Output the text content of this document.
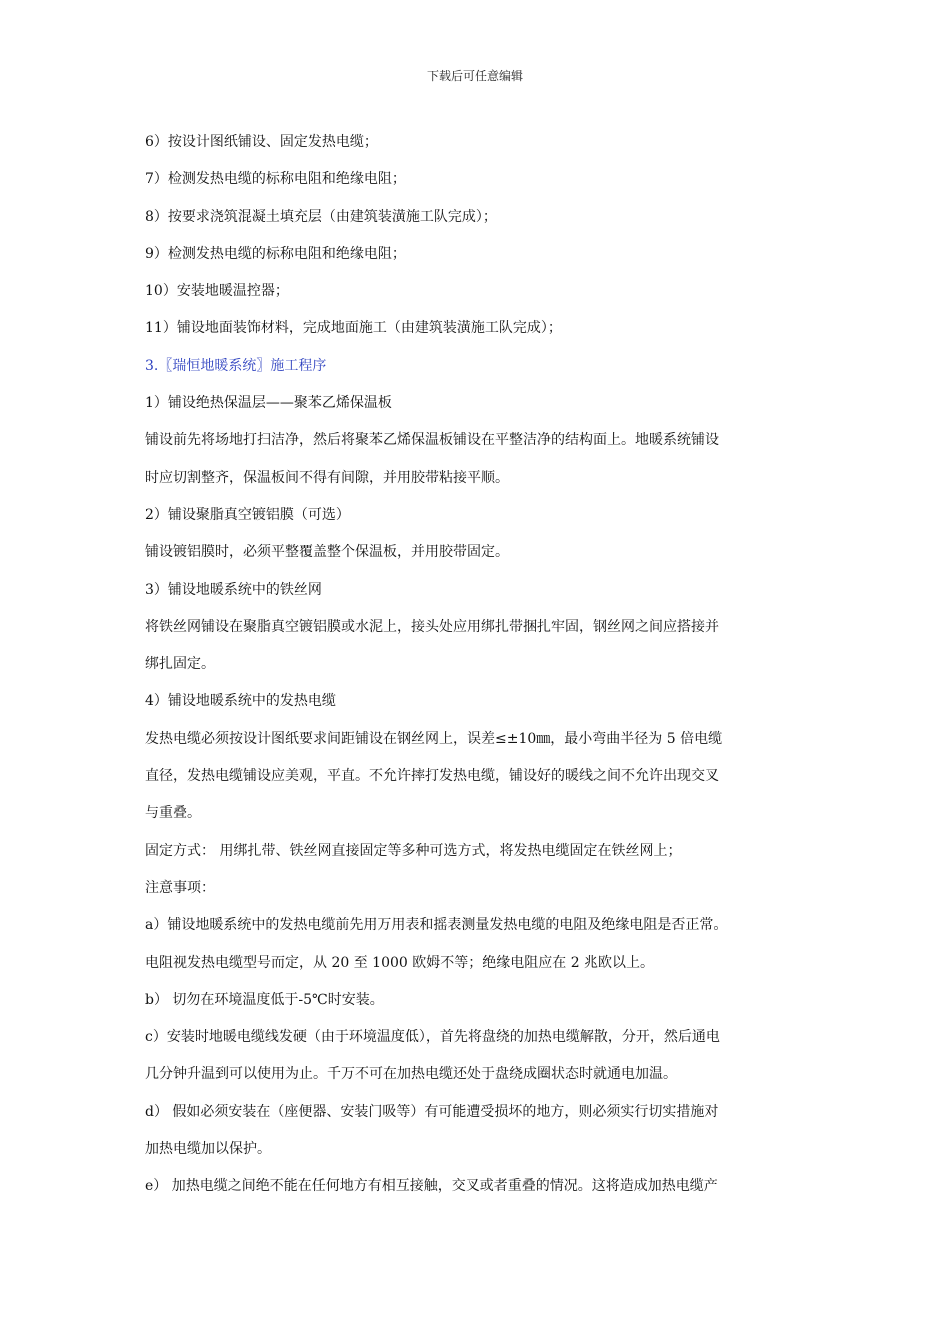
下载后可任意编辑
6）按设计图纸铺设、固定发热电缆；
7）检测发热电缆的标称电阻和绝缘电阻；
8）按要求浇筑混凝土填充层（由建筑装潢施工队完成）；
9）检测发热电缆的标称电阻和绝缘电阻；
10）安装地暖温控器；
11）铺设地面装饰材料，完成地面施工（由建筑装潢施工队完成）；
3.〖瑞恒地暖系统〗施工程序
1）铺设绝热保温层——聚苯乙烯保温板
铺设前先将场地打扫洁净，然后将聚苯乙烯保温板铺设在平整洁净的结构面上。地暖系统铺设
时应切割整齐，保温板间不得有间隙，并用胶带粘接平顺。
2）铺设聚脂真空镀铝膜（可选）
铺设镀铝膜时，必须平整覆盖整个保温板，并用胶带固定。
3）铺设地暖系统中的铁丝网
将铁丝网铺设在聚脂真空镀铝膜或水泥上，接头处应用绑扎带捆扎牢固，钢丝网之间应搭接并
绑扎固定。
4）铺设地暖系统中的发热电缆
发热电缆必须按设计图纸要求间距铺设在钢丝网上，误差≤±10㎜，最小弯曲半径为 5 倍电缆
直径，发热电缆铺设应美观，平直。不允许摔打发热电缆，铺设好的暖线之间不允许出现交叉
与重叠。
固定方式： 用绑扎带、铁丝网直接固定等多种可选方式，将发热电缆固定在铁丝网上；
注意事项：
a）铺设地暖系统中的发热电缆前先用万用表和摇表测量发热电缆的电阻及绝缘电阻是否正常。
电阻视发热电缆型号而定，从 20 至 1000 欧姆不等；绝缘电阻应在 2 兆欧以上。
b） 切勿在环境温度低于-5℃时安装。
c）安装时地暖电缆线发硬（由于环境温度低），首先将盘绕的加热电缆解散，分开，然后通电
几分钟升温到可以使用为止。千万不可在加热电缆还处于盘绕成圈状态时就通电加温。
d） 假如必须安装在（座便器、安装门吸等）有可能遭受损坏的地方，则必须实行切实措施对
加热电缆加以保护。
e） 加热电缆之间绝不能在任何地方有相互接触，交叉或者重叠的情况。这将造成加热电缆产
